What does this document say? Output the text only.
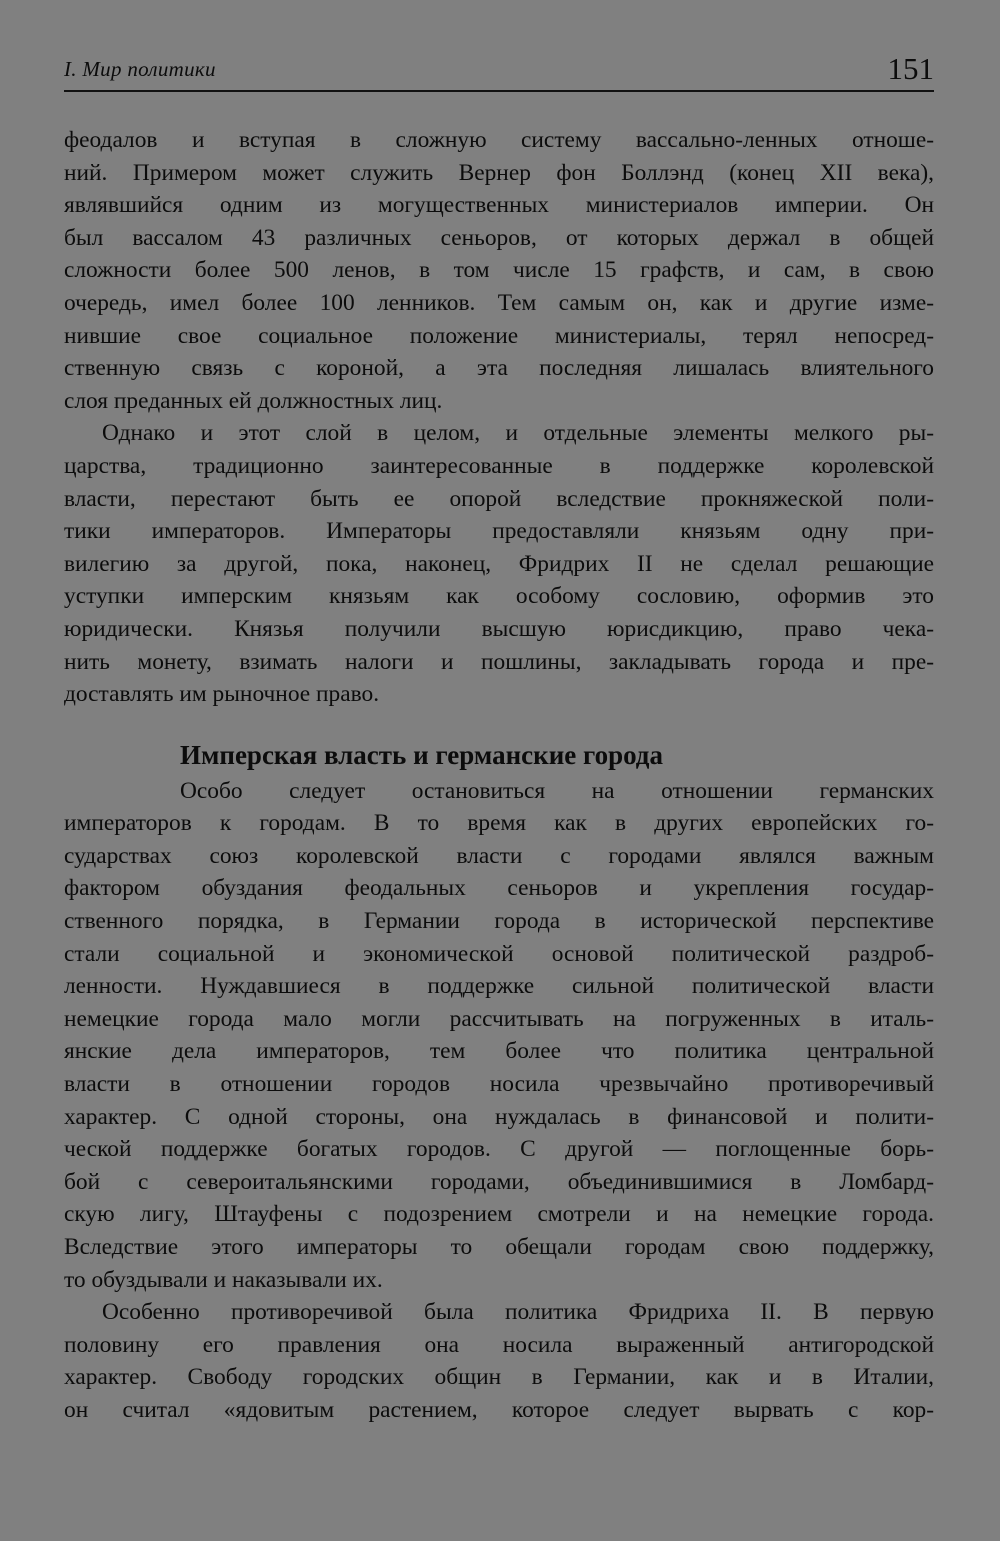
I. Мир политики	151
феодалов и вступая в сложную систему вассально-ленных отноше-
ний. Примером может служить Вернер фон Боллэнд (конец XII века),
являвшийся одним из могущественных министериалов империи. Он
был вассалом 43 различных сеньоров, от которых держал в общей
сложности более 500 ленов, в том числе 15 графств, и сам, в свою
очередь, имел более 100 ленников. Тем самым он, как и другие изме-
нившие свое социальное положение министериалы, терял непосред-
ственную связь с короной, а эта последняя лишалась влиятельного
слоя преданных ей должностных лиц.
Однако и этот слой в целом, и отдельные элементы мелкого ры-
царства, традиционно заинтересованные в поддержке королевской
власти, перестают быть ее опорой вследствие прокняжеской поли-
тики императоров. Императоры предоставляли князьям одну при-
вилегию за другой, пока, наконец, Фридрих II не сделал решающие
уступки имперским князьям как особому сословию, оформив это
юридически. Князья получили высшую юрисдикцию, право чека-
нить монету, взимать налоги и пошлины, закладывать города и пре-
доставлять им рыночное право.
Имперская власть и германские города
Особо следует остановиться на отношении германских
императоров к городам. В то время как в других европейских го-
сударствах союз королевской власти с городами являлся важным
фактором обуздания феодальных сеньоров и укрепления государ-
ственного порядка, в Германии города в исторической перспективе
стали социальной и экономической основой политической раздроб-
ленности. Нуждавшиеся в поддержке сильной политической власти
немецкие города мало могли рассчитывать на погруженных в италь-
янские дела императоров, тем более что политика центральной
власти в отношении городов носила чрезвычайно противоречивый
характер. С одной стороны, она нуждалась в финансовой и полити-
ческой поддержке богатых городов. С другой — поглощенные борь-
бой с североитальянскими городами, объединившимися в Ломбард-
скую лигу, Штауфены с подозрением смотрели и на немецкие города.
Вследствие этого императоры то обещали городам свою поддержку,
то обуздывали и наказывали их.
Особенно противоречивой была политика Фридриха II. В первую
половину его правления она носила выраженный антигородской
характер. Свободу городских общин в Германии, как и в Италии,
он считал «ядовитым растением, которое следует вырвать с кор-
